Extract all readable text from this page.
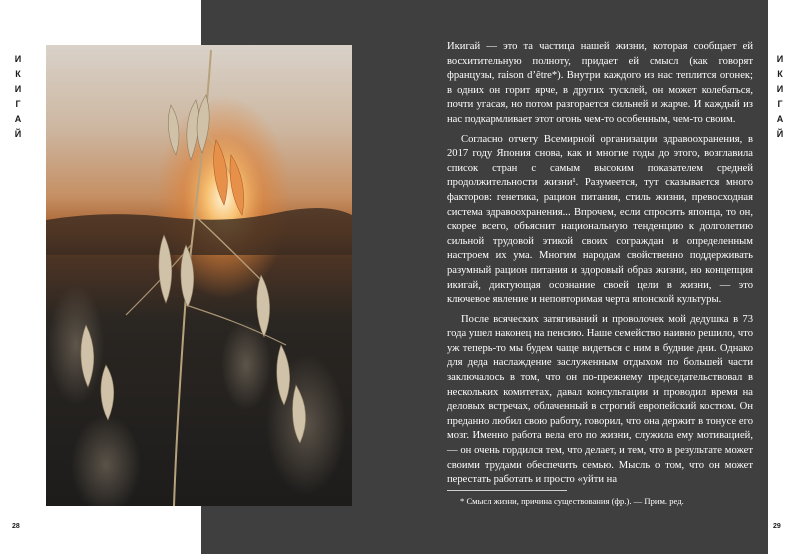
И
К
И
Г
А
Й
28
И
К
И
Г
А
Й

Икигай — это та частица нашей жизни, которая сообщает ей восхитительную полноту, придает ей смысл (как говорят французы, raison d’être*). Внутри каждого из нас теплится огонек; в одних он горит ярче, в других тусклей, он может колебаться, почти угасая, но потом разгорается сильней и жарче. И каждый из нас подкармливает этот огонь чем-то особенным, чем-то своим.

Согласно отчету Всемирной организации здравоохранения, в 2017 году Япония снова, как и многие годы до этого, возглавила список стран с самым высоким показателем средней продолжительности жизни¹. Разумеется, тут сказывается много факторов: генетика, рацион питания, стиль жизни, превосходная система здравоохранения... Впрочем, если спросить японца, то он, скорее всего, объяснит национальную тенденцию к долголетию сильной трудовой этикой своих сограждан и определенным настроем их ума. Многим народам свойственно поддерживать разумный рацион питания и здоровый образ жизни, но концепция икигай, диктующая осознание своей цели в жизни, — это ключевое явление и неповторимая черта японской культуры.

После всяческих затягиваний и проволочек мой дедушка в 73 года ушел наконец на пенсию. Наше семейство наивно решило, что уж теперь-то мы будем чаще видеться с ним в будние дни. Однако для деда наслаждение заслуженным отдыхом по большей части заключалось в том, что он по-прежнему председательствовал в нескольких комитетах, давал консультации и проводил время на деловых встречах, облаченный в строгий европейский костюм. Он преданно любил свою работу, говорил, что она держит в тонусе его мозг. Именно работа вела его по жизни, служила ему мотивацией, — он очень гордился тем, что делает, и тем, что в результате может своими трудами обеспечить семью. Мысль о том, что он может перестать работать и просто «уйти на

* Смысл жизни, причина существования (фр.). — Прим. ред.
29
